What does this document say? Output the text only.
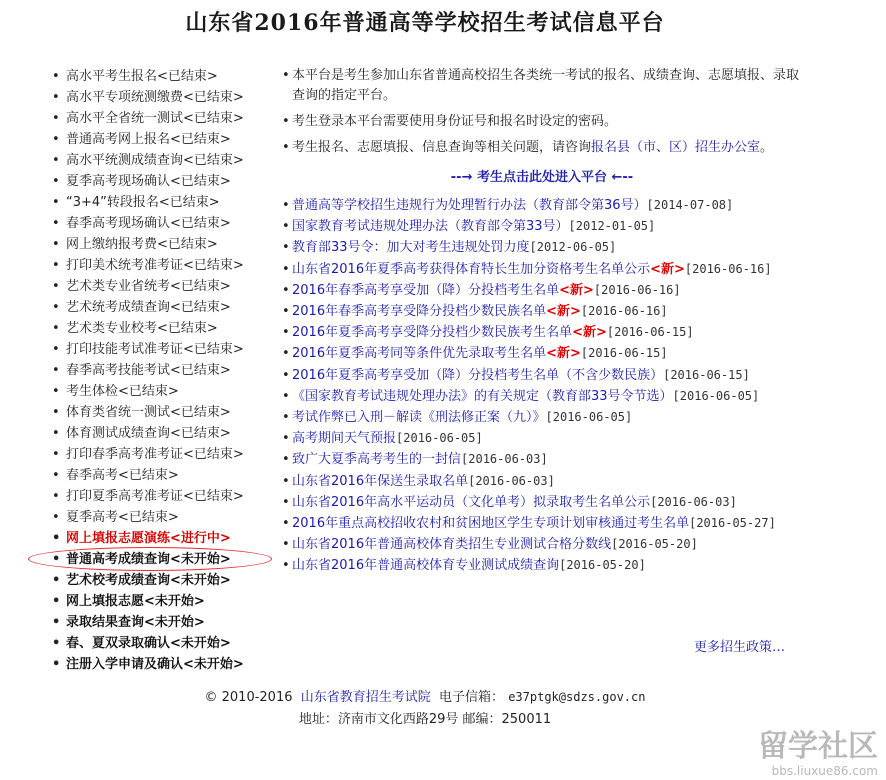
山东省2016年普通高等学校招生考试信息平台
• 高水平考生报名<已结束>
• 高水平专项统测缴费<已结束>
• 高水平全省统一测试<已结束>
• 普通高考网上报名<已结束>
• 高水平统测成绩查询<已结束>
• 夏季高考现场确认<已结束>
• “3+4”转段报名<已结束>
• 春季高考现场确认<已结束>
• 网上缴纳报考费<已结束>
• 打印美术统考准考证<已结束>
• 艺术类专业省统考<已结束>
• 艺术统考成绩查询<已结束>
• 艺术类专业校考<已结束>
• 打印技能考试准考证<已结束>
• 春季高考技能考试<已结束>
• 考生体检<已结束>
• 体育类省统一测试<已结束>
• 体育测试成绩查询<已结束>
• 打印春季高考准考证<已结束>
• 春季高考<已结束>
• 打印夏季高考准考证<已结束>
• 夏季高考<已结束>
• 网上填报志愿演练<进行中>
• 普通高考成绩查询<未开始>
• 艺术校考成绩查询<未开始>
• 网上填报志愿<未开始>
• 录取结果查询<未开始>
• 春、夏双录取确认<未开始>
• 注册入学申请及确认<未开始>
• 本平台是考生参加山东省普通高校招生各类统一考试的报名、成绩查询、志愿填报、录取查询的指定平台。
• 考生登录本平台需要使用身份证号和报名时设定的密码。
• 考生报名、志愿填报、信息查询等相关问题，请咨询报名县（市、区）招生办公室。
--→ 考生点击此处进入平台 ←--
• 普通高等学校招生违规行为处理暂行办法（教育部令第36号）[2014-07-08]
• 国家教育考试违规处理办法（教育部令第33号）[2012-01-05]
• 教育部33号令：加大对考生违规处罚力度[2012-06-05]
• 山东省2016年夏季高考获得体育特长生加分资格考生名单公示<新>[2016-06-16]
• 2016年春季高考享受加（降）分投档考生名单<新>[2016-06-16]
• 2016年春季高考享受降分投档少数民族名单<新>[2016-06-16]
• 2016年夏季高考享受降分投档少数民族考生名单<新>[2016-06-15]
• 2016年夏季高考同等条件优先录取考生名单<新>[2016-06-15]
• 2016年夏季高考享受加（降）分投档考生名单（不含少数民族）[2016-06-15]
• 《国家教育考试违规处理办法》的有关规定（教育部33号令节选）[2016-06-05]
• 考试作弊已入刑－解读《刑法修正案（九）》[2016-06-05]
• 高考期间天气预报[2016-06-05]
• 致广大夏季高考考生的一封信[2016-06-03]
• 山东省2016年保送生录取名单[2016-06-03]
• 山东省2016年高水平运动员（文化单考）拟录取考生名单公示[2016-06-03]
• 2016年重点高校招收农村和贫困地区学生专项计划审核通过考生名单[2016-05-27]
• 山东省2016年普通高校体育类招生专业测试合格分数线[2016-05-20]
• 山东省2016年普通高校体育专业测试成绩查询[2016-05-20]
更多招生政策…
© 2010-2016 山东省教育招生考试院 电子信箱： e37ptgk@sdzs.gov.cn
地址：济南市文化西路29号 邮编：250011
留学社区
bbs.liuxue86.com
